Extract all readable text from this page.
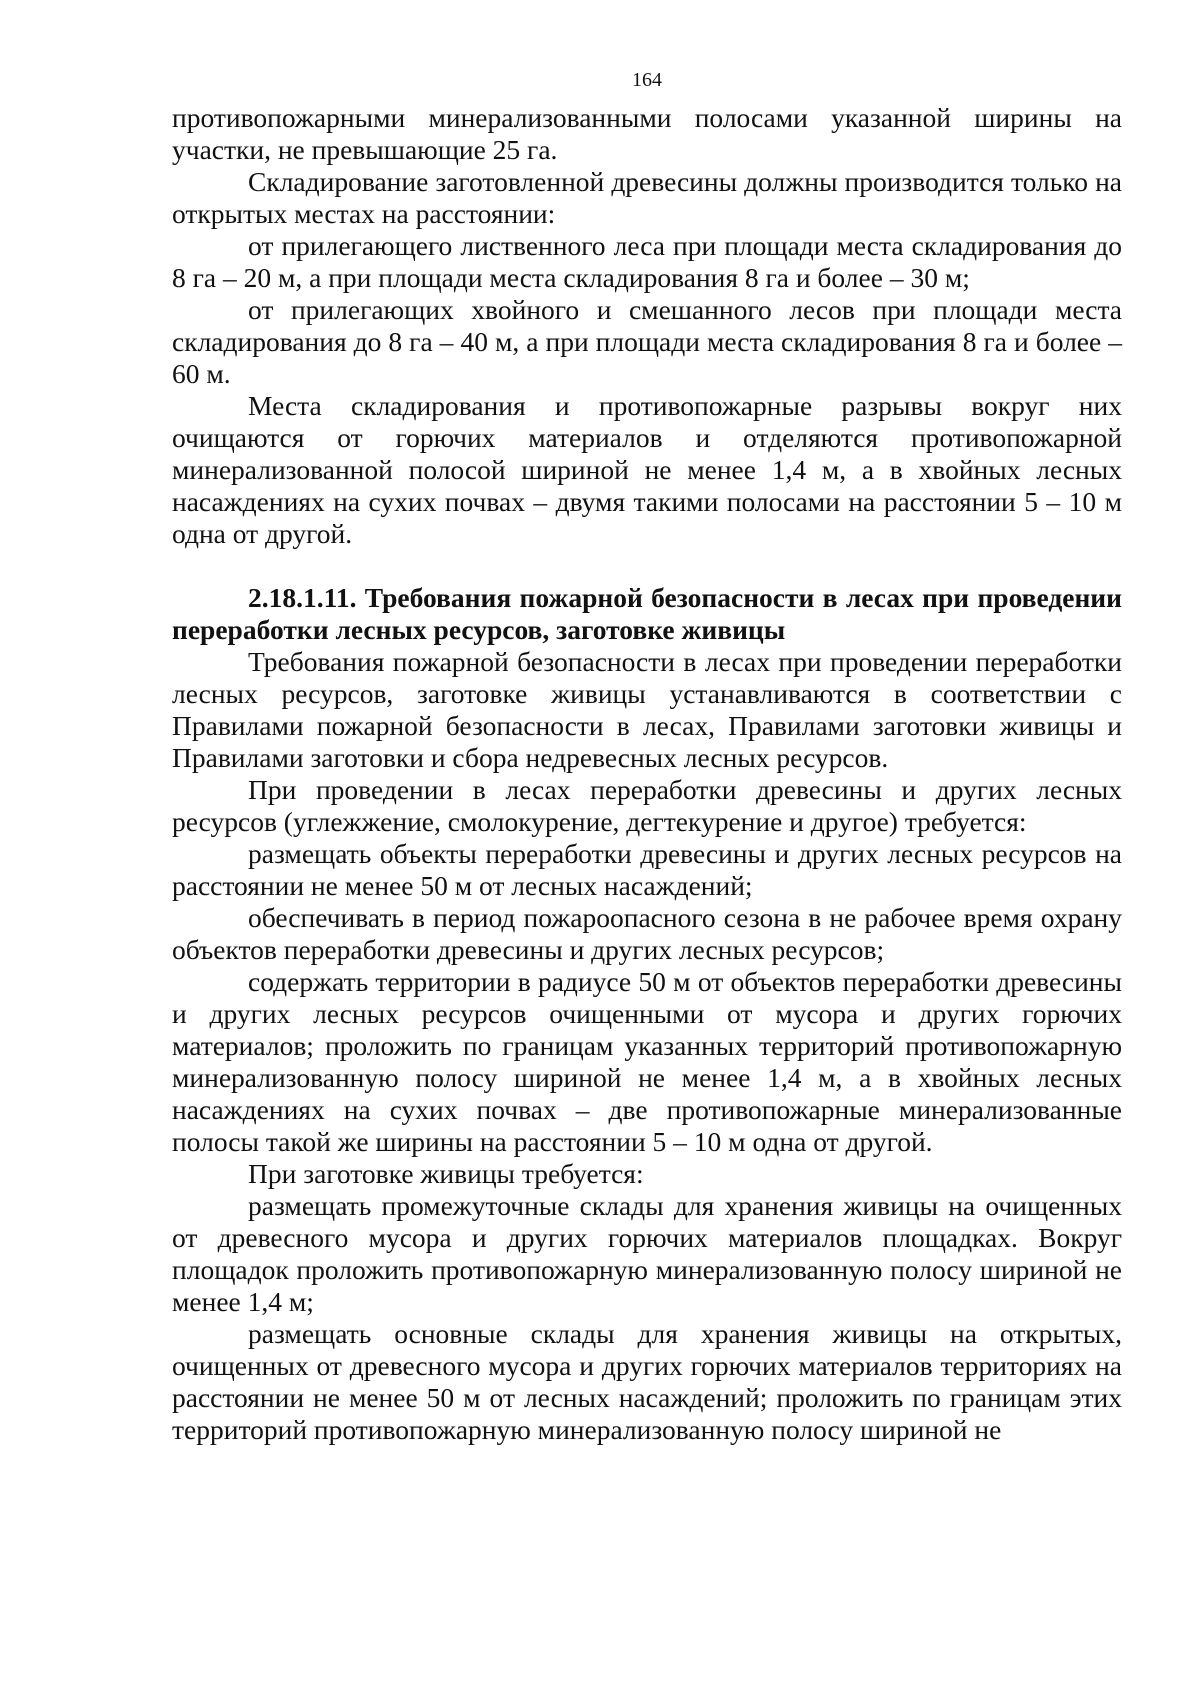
164

противопожарными минерализованными полосами указанной ширины на участки, не превышающие 25 га.

Складирование заготовленной древесины должны производится только на открытых местах на расстоянии:

от прилегающего лиственного леса при площади места складирования до 8 га – 20 м, а при площади места складирования 8 га и более – 30 м;

от прилегающих хвойного и смешанного лесов при площади места складирования до 8 га – 40 м, а при площади места складирования 8 га и более – 60 м.

Места складирования и противопожарные разрывы вокруг них очищаются от горючих материалов и отделяются противопожарной минерализованной полосой шириной не менее 1,4 м, а в хвойных лесных насаждениях на сухих почвах – двумя такими полосами на расстоянии 5 – 10 м одна от другой.

2.18.1.11. Требования пожарной безопасности в лесах при проведении переработки лесных ресурсов, заготовке живицы

Требования пожарной безопасности в лесах при проведении переработки лесных ресурсов, заготовке живицы устанавливаются в соответствии с Правилами пожарной безопасности в лесах, Правилами заготовки живицы и Правилами заготовки и сбора недревесных лесных ресурсов.

При проведении в лесах переработки древесины и других лесных ресурсов (углежжение, смолокурение, дегтекурение и другое) требуется:

размещать объекты переработки древесины и других лесных ресурсов на расстоянии не менее 50 м от лесных насаждений;

обеспечивать в период пожароопасного сезона в не рабочее время охрану объектов переработки древесины и других лесных ресурсов;

содержать территории в радиусе 50 м от объектов переработки древесины и других лесных ресурсов очищенными от мусора и других горючих материалов; проложить по границам указанных территорий противопожарную минерализованную полосу шириной не менее 1,4 м, а в хвойных лесных насаждениях на сухих почвах – две противопожарные минерализованные полосы такой же ширины на расстоянии 5 – 10 м одна от другой.

При заготовке живицы требуется:

размещать промежуточные склады для хранения живицы на очищенных от древесного мусора и других горючих материалов площадках. Вокруг площадок проложить противопожарную минерализованную полосу шириной не менее 1,4 м;

размещать основные склады для хранения живицы на открытых, очищенных от древесного мусора и других горючих материалов территориях на расстоянии не менее 50 м от лесных насаждений; проложить по границам этих территорий противопожарную минерализованную полосу шириной не
